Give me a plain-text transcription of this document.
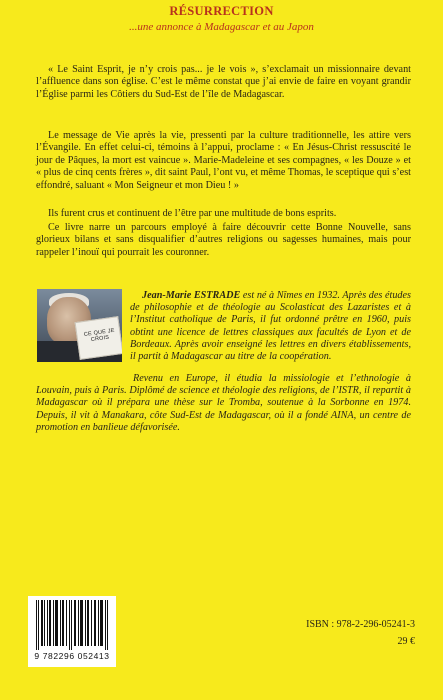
RÉSURRECTION
...une annonce à Madagascar et au Japon

« Le Saint Esprit, je n’y crois pas... je le vois », s’exclamait un missionnaire devant l’affluence dans son église. C’est le même constat que j’ai envie de faire en voyant grandir l’Église parmi les Côtiers du Sud-Est de l’île de Madagascar.

Le message de Vie après la vie, pressenti par la culture traditionnelle, les attire vers l’Évangile. En effet celui-ci, témoins à l’appui, proclame : « En Jésus-Christ ressuscité le jour de Pâques, la mort est vaincue ». Marie-Madeleine et ses compagnes, « les Douze » et « plus de cinq cents frères », dit saint Paul, l’ont vu, et même Thomas, le sceptique qui s’est effondré, saluant « Mon Seigneur et mon Dieu ! »

Ils furent crus et continuent de l’être par une multitude de bons esprits.

Ce livre narre un parcours employé à faire découvrir cette Bonne Nouvelle, sans glorieux bilans et sans disqualifier d’autres religions ou sagesses humaines, mais pour rappeler l’inouï qui pourrait les couronner.

CE QUE JE CROIS

Jean-Marie ESTRADE est né à Nîmes en 1932. Après des études de philosophie et de théologie au Scolasticat des Lazaristes et à l’Institut catholique de Paris, il fut ordonné prêtre en 1960, puis obtint une licence de lettres classiques aux facultés de Lyon et de Bordeaux. Après avoir enseigné les lettres en divers établissements, il partit à Madagascar au titre de la coopération.

Revenu en Europe, il étudia la missiologie et l’ethnologie à Louvain, puis à Paris. Diplômé de science et théologie des religions, de l’ISTR, il repartit à Madagascar où il prépara une thèse sur le Tromba, soutenue à la Sorbonne en 1974. Depuis, il vit à Manakara, côte Sud-Est de Madagascar, où il a fondé AINA, un centre de promotion en banlieue défavorisée.

9 782296 052413
ISBN : 978-2-296-05241-3
29 €
